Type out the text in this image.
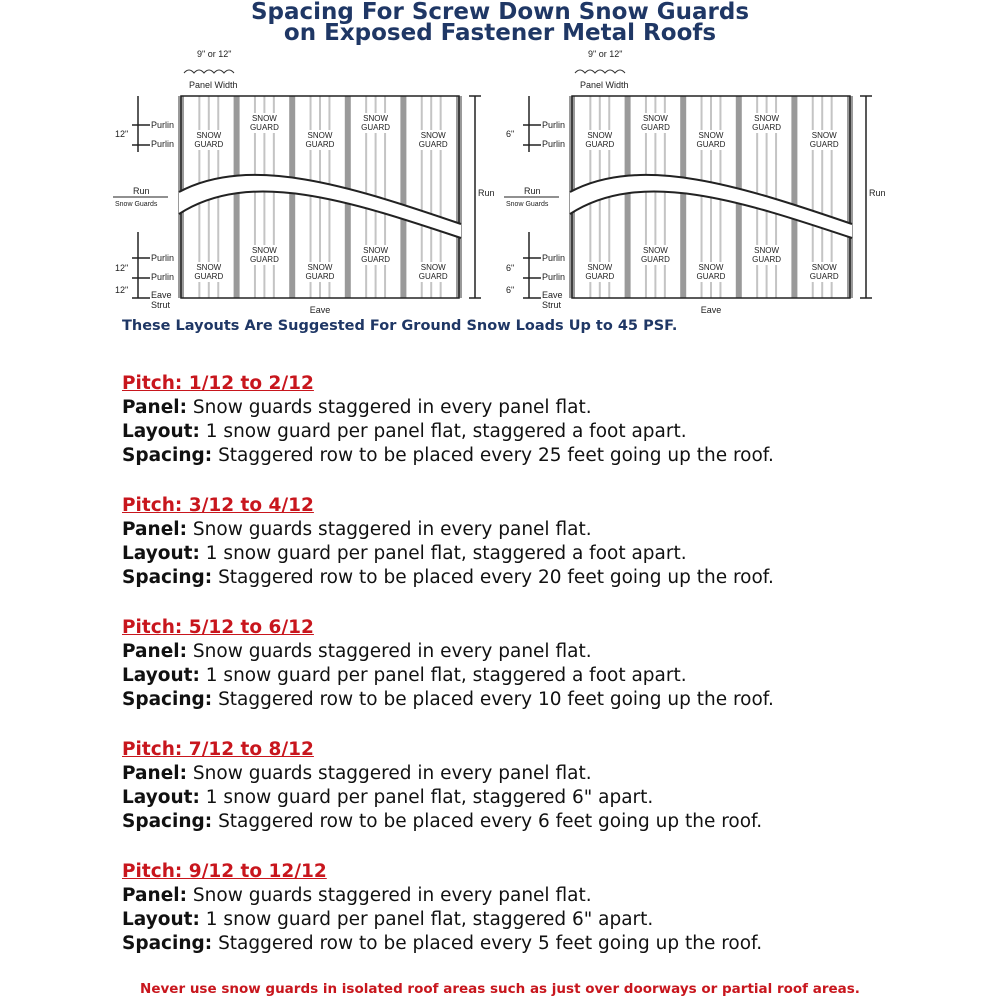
Spacing For Screw Down Snow Guards
on Exposed Fastener Metal Roofs
9" or 12"
Panel Width
SNOW
GUARD
SNOW
GUARD
SNOW
GUARD
SNOW
GUARD
SNOW
GUARD
SNOW
GUARD
SNOW
GUARD
SNOW
GUARD
SNOW
GUARD
SNOW
GUARD
Run
Purlin
Purlin
12"
Run
Snow Guards
Purlin
Purlin
12"
12"	Eave
Strut	Eave
9" or 12"
Panel Width
SNOW
GUARD
SNOW
GUARD
SNOW
GUARD
SNOW
GUARD
SNOW
GUARD
SNOW
GUARD
SNOW
GUARD
SNOW
GUARD
SNOW
GUARD
SNOW
GUARD
Run
Purlin
Purlin
6"
Run
Snow Guards
Purlin
Purlin
6"
6"	Eave
Strut	Eave

These Layouts Are Suggested For Ground Snow Loads Up to 45 PSF.

Pitch: 1/12 to 2/12

Panel: Snow guards staggered in every panel flat.

Layout: 1 snow guard per panel flat, staggered a foot apart.

Spacing: Staggered row to be placed every 25 feet going up the roof.

Pitch: 3/12 to 4/12

Panel: Snow guards staggered in every panel flat.

Layout: 1 snow guard per panel flat, staggered a foot apart.

Spacing: Staggered row to be placed every 20 feet going up the roof.

Pitch: 5/12 to 6/12

Panel: Snow guards staggered in every panel flat.

Layout: 1 snow guard per panel flat, staggered a foot apart.

Spacing: Staggered row to be placed every 10 feet going up the roof.

Pitch: 7/12 to 8/12

Panel: Snow guards staggered in every panel flat.

Layout: 1 snow guard per panel flat, staggered 6" apart.

Spacing: Staggered row to be placed every 6 feet going up the roof.

Pitch: 9/12 to 12/12

Panel: Snow guards staggered in every panel flat.

Layout: 1 snow guard per panel flat, staggered 6" apart.

Spacing: Staggered row to be placed every 5 feet going up the roof.

Never use snow guards in isolated roof areas such as just over doorways or partial roof areas.
